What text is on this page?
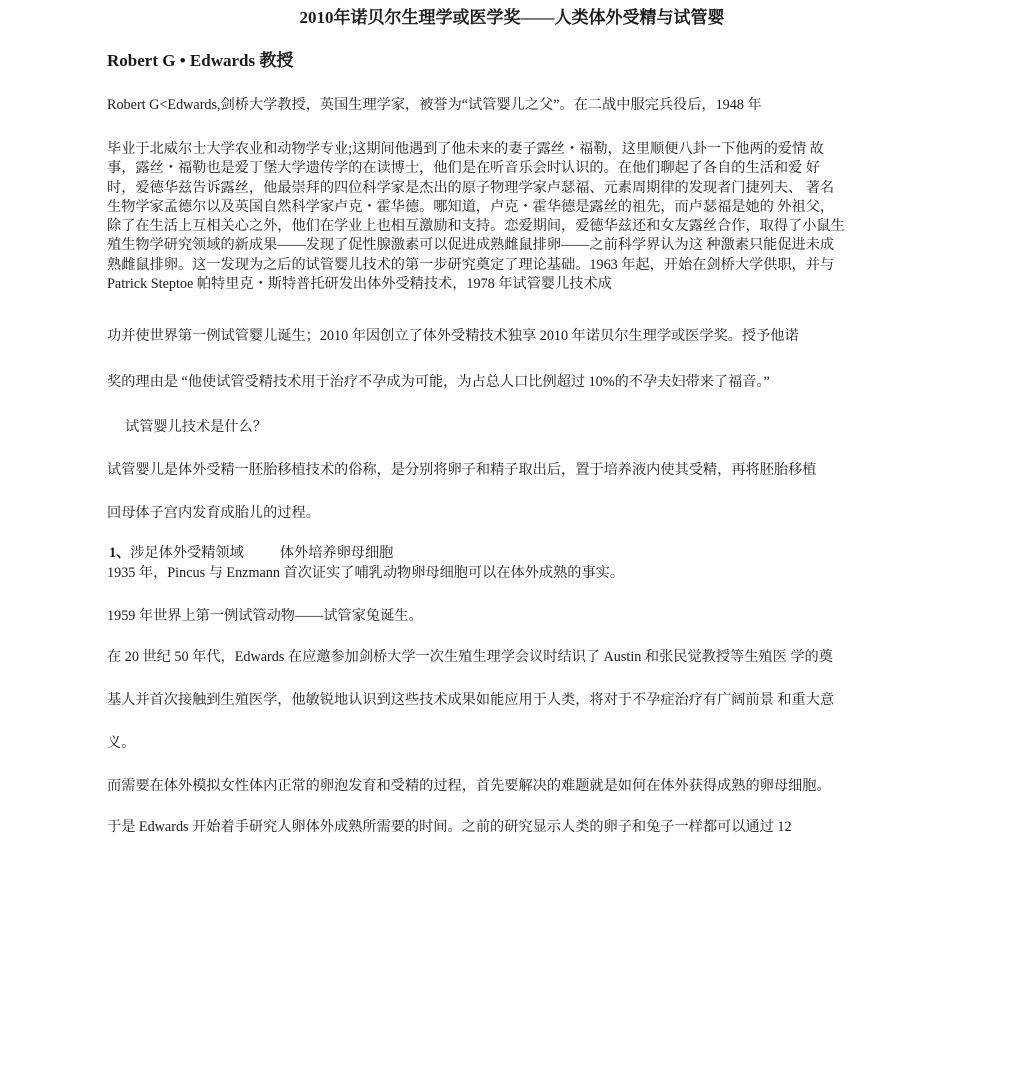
2010年诺贝尔生理学或医学奖——人类体外受精与试管婴
Robert G • Edwards 教授
Robert G<Edwards,剑桥大学教授，英国生理学家，被誉为“试管婴儿之父”。在二战中服完兵役后，1948 年
毕业于北威尔士大学农业和动物学专业;这期间他遇到了他未来的妻子露丝・福勒，这里顺便八卦一下他两的爱情 故
事，露丝・福勒也是爱丁堡大学遗传学的在读博士，他们是在听音乐会时认识的。在他们聊起了各自的生活和爱 好
时，爱德华兹告诉露丝，他最崇拜的四位科学家是杰出的原子物理学家卢瑟福、元素周期律的发现者门捷列夫、 著名
生物学家孟德尔以及英国自然科学家卢克・霍华德。哪知道，卢克・霍华德是露丝的祖先，而卢瑟福是她的 外祖父，
除了在生活上互相关心之外，他们在学业上也相互激励和支持。恋爱期间，爱德华兹还和女友露丝合作，取得了小鼠生
殖生物学研究领域的新成果——发现了促性腺激素可以促进成熟雌鼠排卵——之前科学界认为这 种激素只能促进未成
熟雌鼠排卵。这一发现为之后的试管婴儿技术的第一步研究奠定了理论基础。1963 年起，开始在剑桥大学供职，并与
Patrick Steptoe 帕特里克・斯特普托研发出体外受精技术，1978 年试管婴儿技术成
功并使世界第一例试管婴儿诞生；2010 年因创立了体外受精技术独享 2010 年诺贝尔生理学或医学奖。授予他诺
奖的理由是 “他使试管受精技术用于治疗不孕成为可能，为占总人口比例超过 10%的不孕夫妇带来了福音。”
试管婴儿技术是什么？
试管婴儿是体外受精一胚胎移植技术的俗称，是分别将卵子和精子取出后，置于培养液内使其受精，再将胚胎移植
回母体子宫内发育成胎儿的过程。
1、涉足体外受精领域	体外培养卵母细胞
1935 年，Pincus 与 Enzmann 首次证实了哺乳动物卵母细胞可以在体外成熟的事实。
1959 年世界上第一例试管动物——试管家兔诞生。
在 20 世纪 50 年代，Edwards 在应邀参加剑桥大学一次生殖生理学会议时结识了 Austin 和张民觉教授等生殖医 学的奠
基人并首次接触到生殖医学，他敏锐地认识到这些技术成果如能应用于人类，将对于不孕症治疗有广阔前景 和重大意
义。
而需要在体外模拟女性体内正常的卵泡发育和受精的过程，首先要解决的难题就是如何在体外获得成熟的卵母细胞。
于是 Edwards 开始着手研究人卵体外成熟所需要的时间。之前的研究显示人类的卵子和兔子一样都可以通过 12
